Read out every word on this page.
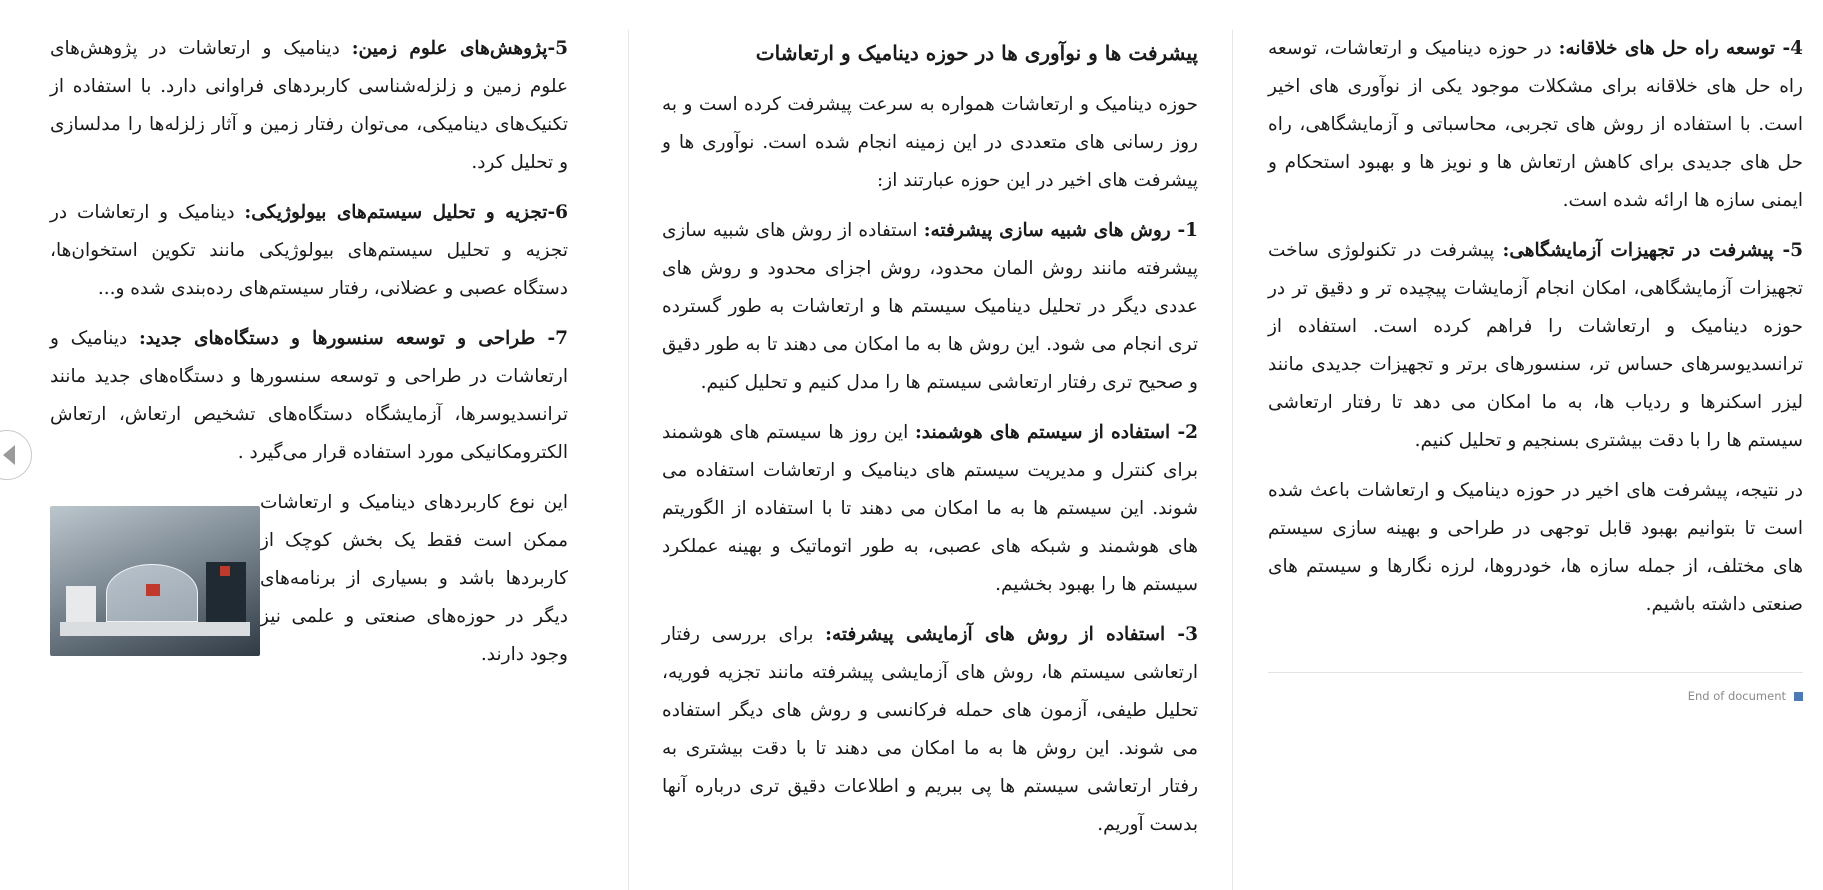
5-پژوهش‌های علوم زمین: دینامیک و ارتعاشات در پژوهش‌های علوم زمین و زلزله‌شناسی کاربردهای فراوانی دارد. با استفاده از تکنیک‌های دینامیکی، می‌توان رفتار زمین و آثار زلزله‌ها را مدلسازی و تحلیل کرد.

6-تجزیه و تحلیل سیستم‌های بیولوژیکی: دینامیک و ارتعاشات در تجزیه و تحلیل سیستم‌های بیولوژیکی مانند تکوین استخوان‌ها، دستگاه عصبی و عضلانی، رفتار سیستم‌های رده‌بندی شده و...

7- طراحی و توسعه سنسورها و دستگاه‌های جدید: دینامیک و ارتعاشات در طراحی و توسعه سنسورها و دستگاه‌های جدید مانند ترانسدیوسرها، آزمایشگاه دستگاه‌های تشخیص ارتعاش، ارتعاش الکترومکانیکی مورد استفاده قرار می‌گیرد .

این نوع کاربردهای دینامیک و ارتعاشات ممکن است فقط یک بخش کوچک از کاربردها باشد و بسیاری از برنامه‌های دیگر در حوزه‌های صنعتی و علمی نیز وجود دارند.

پیشرفت ها و نوآوری ها در حوزه دینامیک و ارتعاشات

حوزه دینامیک و ارتعاشات همواره به سرعت پیشرفت کرده است و به روز رسانی های متعددی در این زمینه انجام شده است. نوآوری ها و پیشرفت های اخیر در این حوزه عبارتند از:

1- روش های شبیه سازی پیشرفته: استفاده از روش های شبیه سازی پیشرفته مانند روش المان محدود، روش اجزای محدود و روش های عددی دیگر در تحلیل دینامیک سیستم ها و ارتعاشات به طور گسترده تری انجام می شود. این روش ها به ما امکان می دهند تا به طور دقیق و صحیح تری رفتار ارتعاشی سیستم ها را مدل کنیم و تحلیل کنیم.

2- استفاده از سیستم های هوشمند: این روز ها سیستم های هوشمند برای کنترل و مدیریت سیستم های دینامیک و ارتعاشات استفاده می شوند. این سیستم ها به ما امکان می دهند تا با استفاده از الگوریتم های هوشمند و شبکه های عصبی، به طور اتوماتیک و بهینه عملکرد سیستم ها را بهبود بخشیم.

3- استفاده از روش های آزمایشی پیشرفته: برای بررسی رفتار ارتعاشی سیستم ها، روش های آزمایشی پیشرفته مانند تجزیه فوریه، تحلیل طیفی، آزمون های حمله فرکانسی و روش های دیگر استفاده می شوند. این روش ها به ما امکان می دهند تا با دقت بیشتری به رفتار ارتعاشی سیستم ها پی ببریم و اطلاعات دقیق تری درباره آنها بدست آوریم.

4- توسعه راه حل های خلاقانه: در حوزه دینامیک و ارتعاشات، توسعه راه حل های خلاقانه برای مشکلات موجود یکی از نوآوری های اخیر است. با استفاده از روش های تجربی، محاسباتی و آزمایشگاهی، راه حل های جدیدی برای کاهش ارتعاش ها و نویز ها و بهبود استحکام و ایمنی سازه ها ارائه شده است.

5- پیشرفت در تجهیزات آزمایشگاهی: پیشرفت در تکنولوژی ساخت تجهیزات آزمایشگاهی، امکان انجام آزمایشات پیچیده تر و دقیق تر در حوزه دینامیک و ارتعاشات را فراهم کرده است. استفاده از ترانسدیوسرهای حساس تر، سنسورهای برتر و تجهیزات جدیدی مانند لیزر اسکنرها و ردیاب ها، به ما امکان می دهد تا رفتار ارتعاشی سیستم ها را با دقت بیشتری بسنجیم و تحلیل کنیم.

در نتیجه، پیشرفت های اخیر در حوزه دینامیک و ارتعاشات باعث شده است تا بتوانیم بهبود قابل توجهی در طراحی و بهینه سازی سیستم های مختلف، از جمله سازه ها، خودروها، لرزه نگارها و سیستم های صنعتی داشته باشیم.

End of document
